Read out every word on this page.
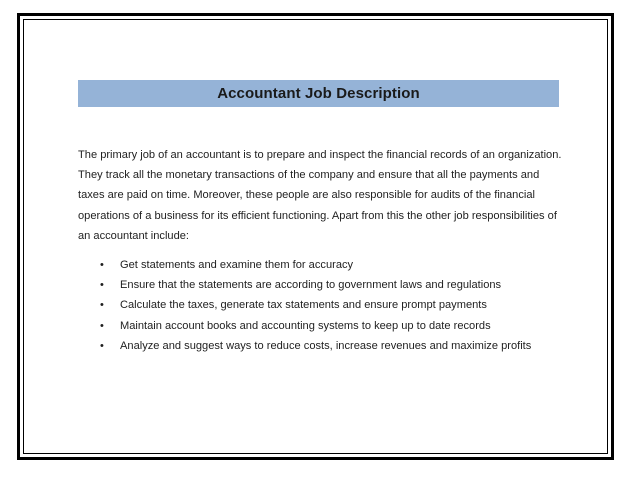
Accountant Job Description

The primary job of an accountant is to prepare and inspect the financial records of an organization. They track all the monetary transactions of the company and ensure that all the payments and taxes are paid on time. Moreover, these people are also responsible for audits of the financial operations of a business for its efficient functioning. Apart from this the other job responsibilities of an accountant include:

•	Get statements and examine them for accuracy
•	Ensure that the statements are according to government laws and regulations
•	Calculate the taxes, generate tax statements and ensure prompt payments
•	Maintain account books and accounting systems to keep up to date records
•	Analyze and suggest ways to reduce costs, increase revenues and maximize profits
